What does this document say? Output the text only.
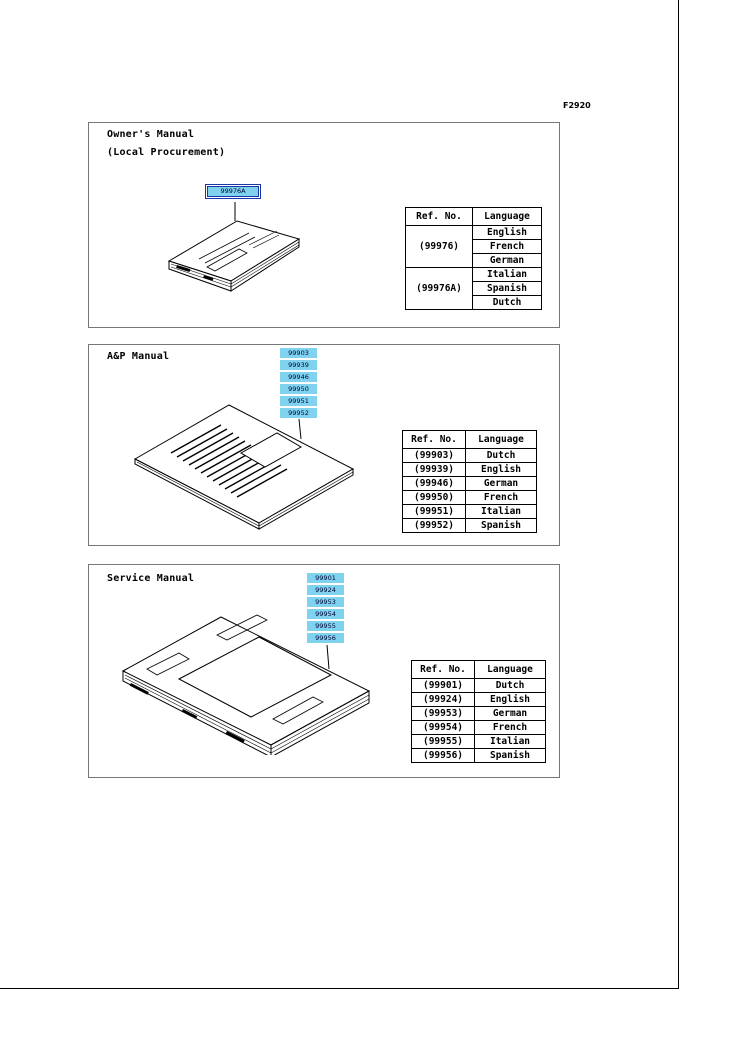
F2920
Owner's Manual
(Local Procurement)
99976A
Ref. No.	Language
(99976)	English
	French
	German
(99976A)	Italian
	Spanish
	Dutch
A&P Manual	99903
99939
99946
99950
99951
99952
Ref. No.	Language
(99903)	Dutch
(99939)	English
(99946)	German
(99950)	French
(99951)	Italian
(99952)	Spanish
Service Manual	99901
99924
99953
99954
99955
99956
Ref. No.	Language
(99901)	Dutch
(99924)	English
(99953)	German
(99954)	French
(99955)	Italian
(99956)	Spanish
